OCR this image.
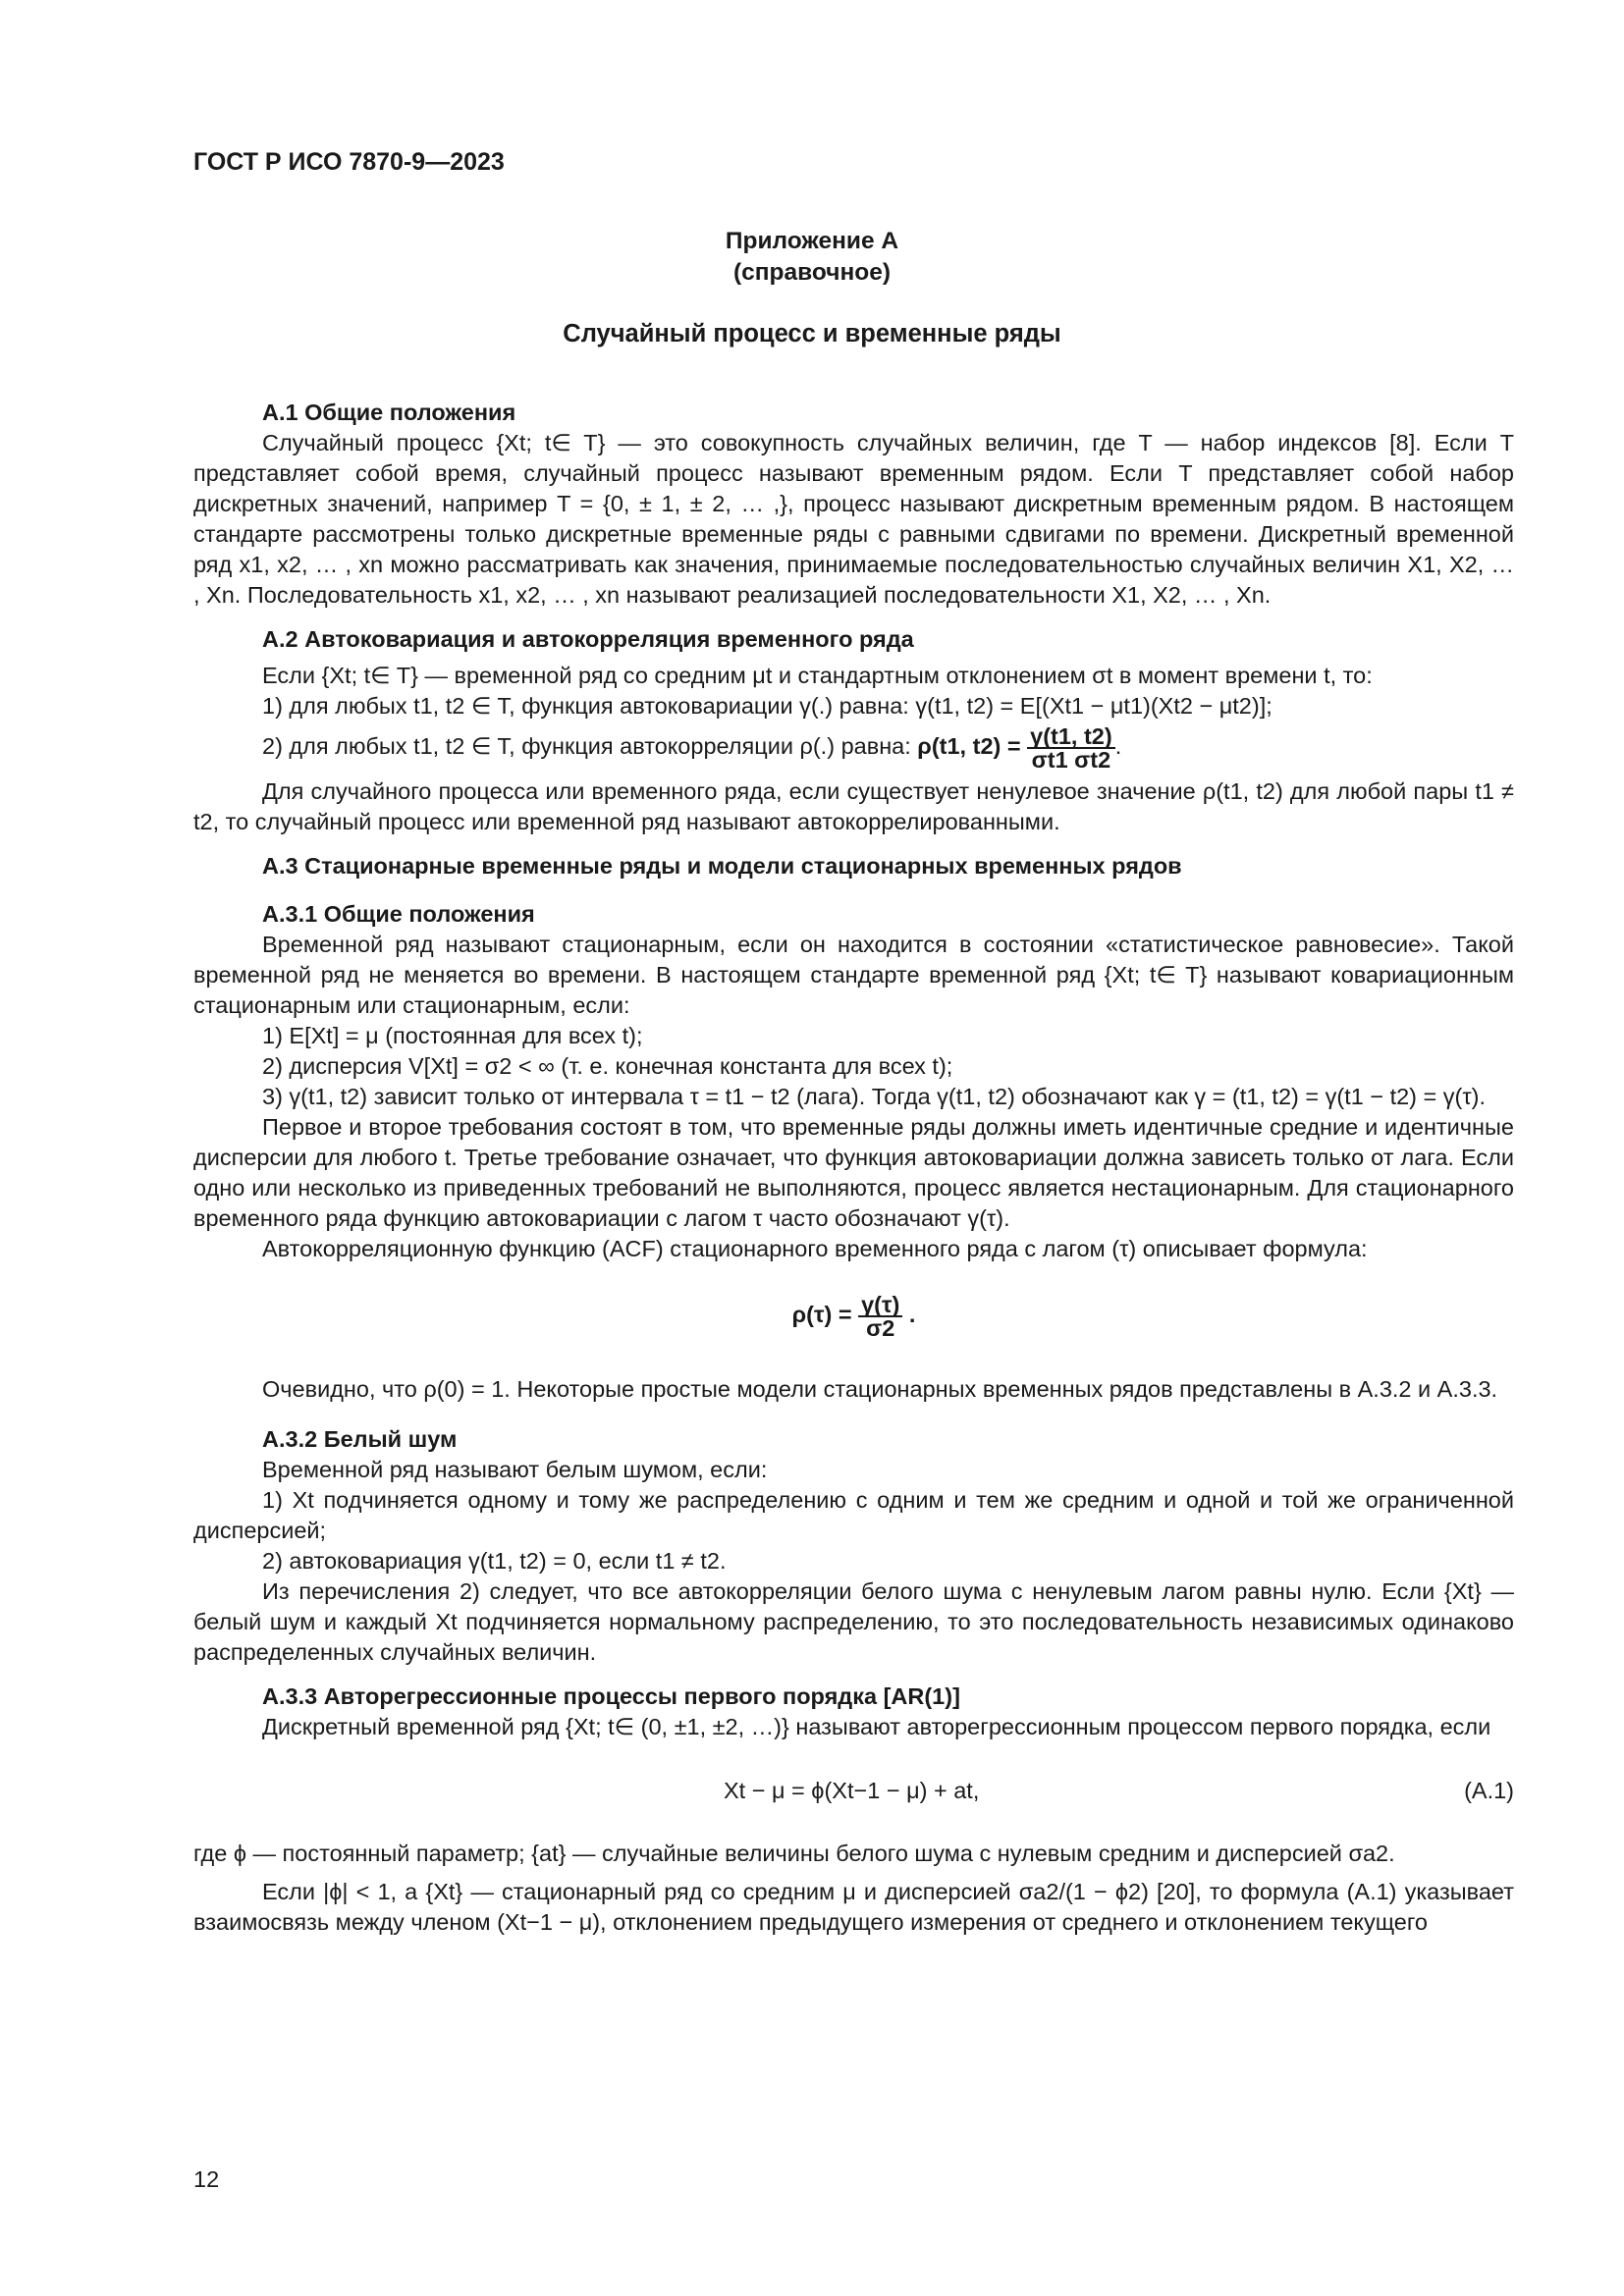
ГОСТ Р ИСО 7870-9—2023
Приложение А
(справочное)
Случайный процесс и временные ряды

А.1 Общие положения

Случайный процесс {Xt; t∈ T} — это совокупность случайных величин, где T — набор индексов [8]. Если T представляет собой время, случайный процесс называют временным рядом. Если T представляет собой набор дискретных значений, например T = {0, ± 1, ± 2, … ,}, процесс называют дискретным временным рядом. В настоящем стандарте рассмотрены только дискретные временные ряды с равными сдвигами по времени. Дискретный временной ряд x1, x2, … , xn можно рассматривать как значения, принимаемые последовательностью случайных величин X1, X2, … , Xn. Последовательность x1, x2, … , xn называют реализацией последовательности X1, X2, … , Xn.

А.2 Автоковариация и автокорреляция временного ряда

Если {Xt; t∈ T} — временной ряд со средним μt и стандартным отклонением σt в момент времени t, то:

1) для любых t1, t2 ∈ T, функция автоковариации γ(.) равна: γ(t1, t2) = E[(Xt1 − μt1)(Xt2 − μt2)];

2) для любых t1, t2 ∈ T, функция автокорреляции ρ(.) равна: ρ(t1, $t2) = \frac{\gamma(t1, t2)}{\sigma t1 \sigma t2}$ .

Для случайного процесса или временного ряда, если существует ненулевое значение ρ(t1, t2) для любой пары t1 ≠ t2, то случайный процесс или временной ряд называют автокоррелированными.

А.3 Стационарные временные ряды и модели стационарных временных рядов

А.3.1 Общие положения

Временной ряд называют стационарным, если он находится в состоянии «статистическое равновесие». Такой временной ряд не меняется во времени. В настоящем стандарте временной ряд {Xt; t∈ T} называют ковариационным стационарным или стационарным, если:

1) E[Xt] = μ (постоянная для всех t);

2) дисперсия V[Xt] = σ2 < ∞ (т. е. конечная константа для всех t);

3) γ(t1, t2) зависит только от интервала τ = t1 − t2 (лага). Тогда γ(t1, t2) обозначают как γ = (t1, t2) = γ(t1 − t2) = γ(τ).

Первое и второе требования состоят в том, что временные ряды должны иметь идентичные средние и идентичные дисперсии для любого t. Третье требование означает, что функция автоковариации должна зависеть только от лага. Если одно или несколько из приведенных требований не выполняются, процесс является нестационарным. Для стационарного временного ряда функцию автоковариации с лагом τ часто обозначают γ(τ).

Автокорреляционную функцию (ACF) стационарного временного ряда с лагом (τ) описывает формула:

$\rho(\tau) = \frac{\gamma(\tau)}{\sigma 2}$ .

Очевидно, что ρ(0) = 1. Некоторые простые модели стационарных временных рядов представлены в А.3.2 и А.3.3.

А.3.2 Белый шум

Временной ряд называют белым шумом, если:

1) Xt подчиняется одному и тому же распределению с одним и тем же средним и одной и той же ограниченной дисперсией;

2) автоковариация γ(t1, t2) = 0, если t1 ≠ t2.

Из перечисления 2) следует, что все автокорреляции белого шума с ненулевым лагом равны нулю. Если {Xt} — белый шум и каждый Xt подчиняется нормальному распределению, то это последовательность независимых одинаково распределенных случайных величин.

А.3.3 Авторегрессионные процессы первого порядка [AR(1)]

Дискретный временной ряд {Xt; t∈ (0, ±1, ±2, …)} называют авторегрессионным процессом первого порядка, если

Xt − μ = ϕ(Xt−1 − μ) + at,	(A.1)

где ϕ — постоянный параметр; {at} — случайные величины белого шума с нулевым средним и дисперсией σa2.

Если |ϕ| < 1, а {Xt} — стационарный ряд со средним μ и дисперсией σa2/(1 − ϕ2) [20], то формула (A.1) указывает взаимосвязь между членом (Xt−1 − μ), отклонением предыдущего измерения от среднего и отклонением текущего

12
